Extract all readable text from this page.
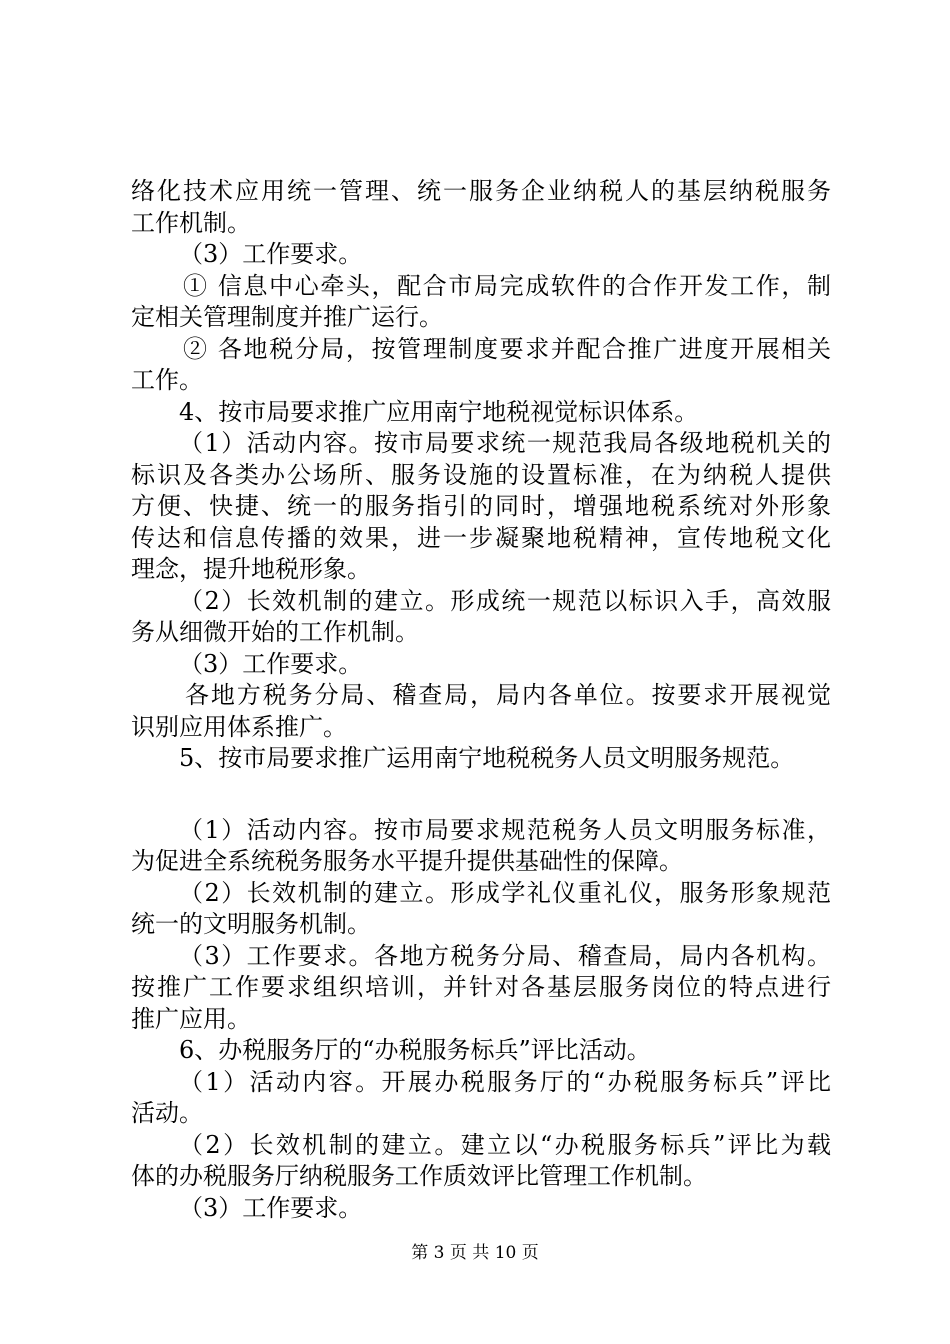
络化技术应用统一管理、统一服务企业纳税人的基层纳税服务
工作机制。
（3）工作要求。
① 信息中心牵头，配合市局完成软件的合作开发工作，制
定相关管理制度并推广运行。
② 各地税分局，按管理制度要求并配合推广进度开展相关
工作。
4、按市局要求推广应用南宁地税视觉标识体系。
（1）活动内容。按市局要求统一规范我局各级地税机关的
标识及各类办公场所、服务设施的设置标准，在为纳税人提供
方便、快捷、统一的服务指引的同时，增强地税系统对外形象
传达和信息传播的效果，进一步凝聚地税精神，宣传地税文化
理念，提升地税形象。
（2）长效机制的建立。形成统一规范以标识入手，高效服
务从细微开始的工作机制。
（3）工作要求。
各地方税务分局、稽查局，局内各单位。按要求开展视觉
识别应用体系推广。
5、按市局要求推广运用南宁地税税务人员文明服务规范。
（1）活动内容。按市局要求规范税务人员文明服务标准，
为促进全系统税务服务水平提升提供基础性的保障。
（2）长效机制的建立。形成学礼仪重礼仪，服务形象规范
统一的文明服务机制。
（3）工作要求。各地方税务分局、稽查局，局内各机构。
按推广工作要求组织培训，并针对各基层服务岗位的特点进行
推广应用。
6、办税服务厅的“办税服务标兵”评比活动。
（1）活动内容。开展办税服务厅的“办税服务标兵”评比
活动。
（2）长效机制的建立。建立以“办税服务标兵”评比为载
体的办税服务厅纳税服务工作质效评比管理工作机制。
（3）工作要求。
第 3 页 共 10 页
